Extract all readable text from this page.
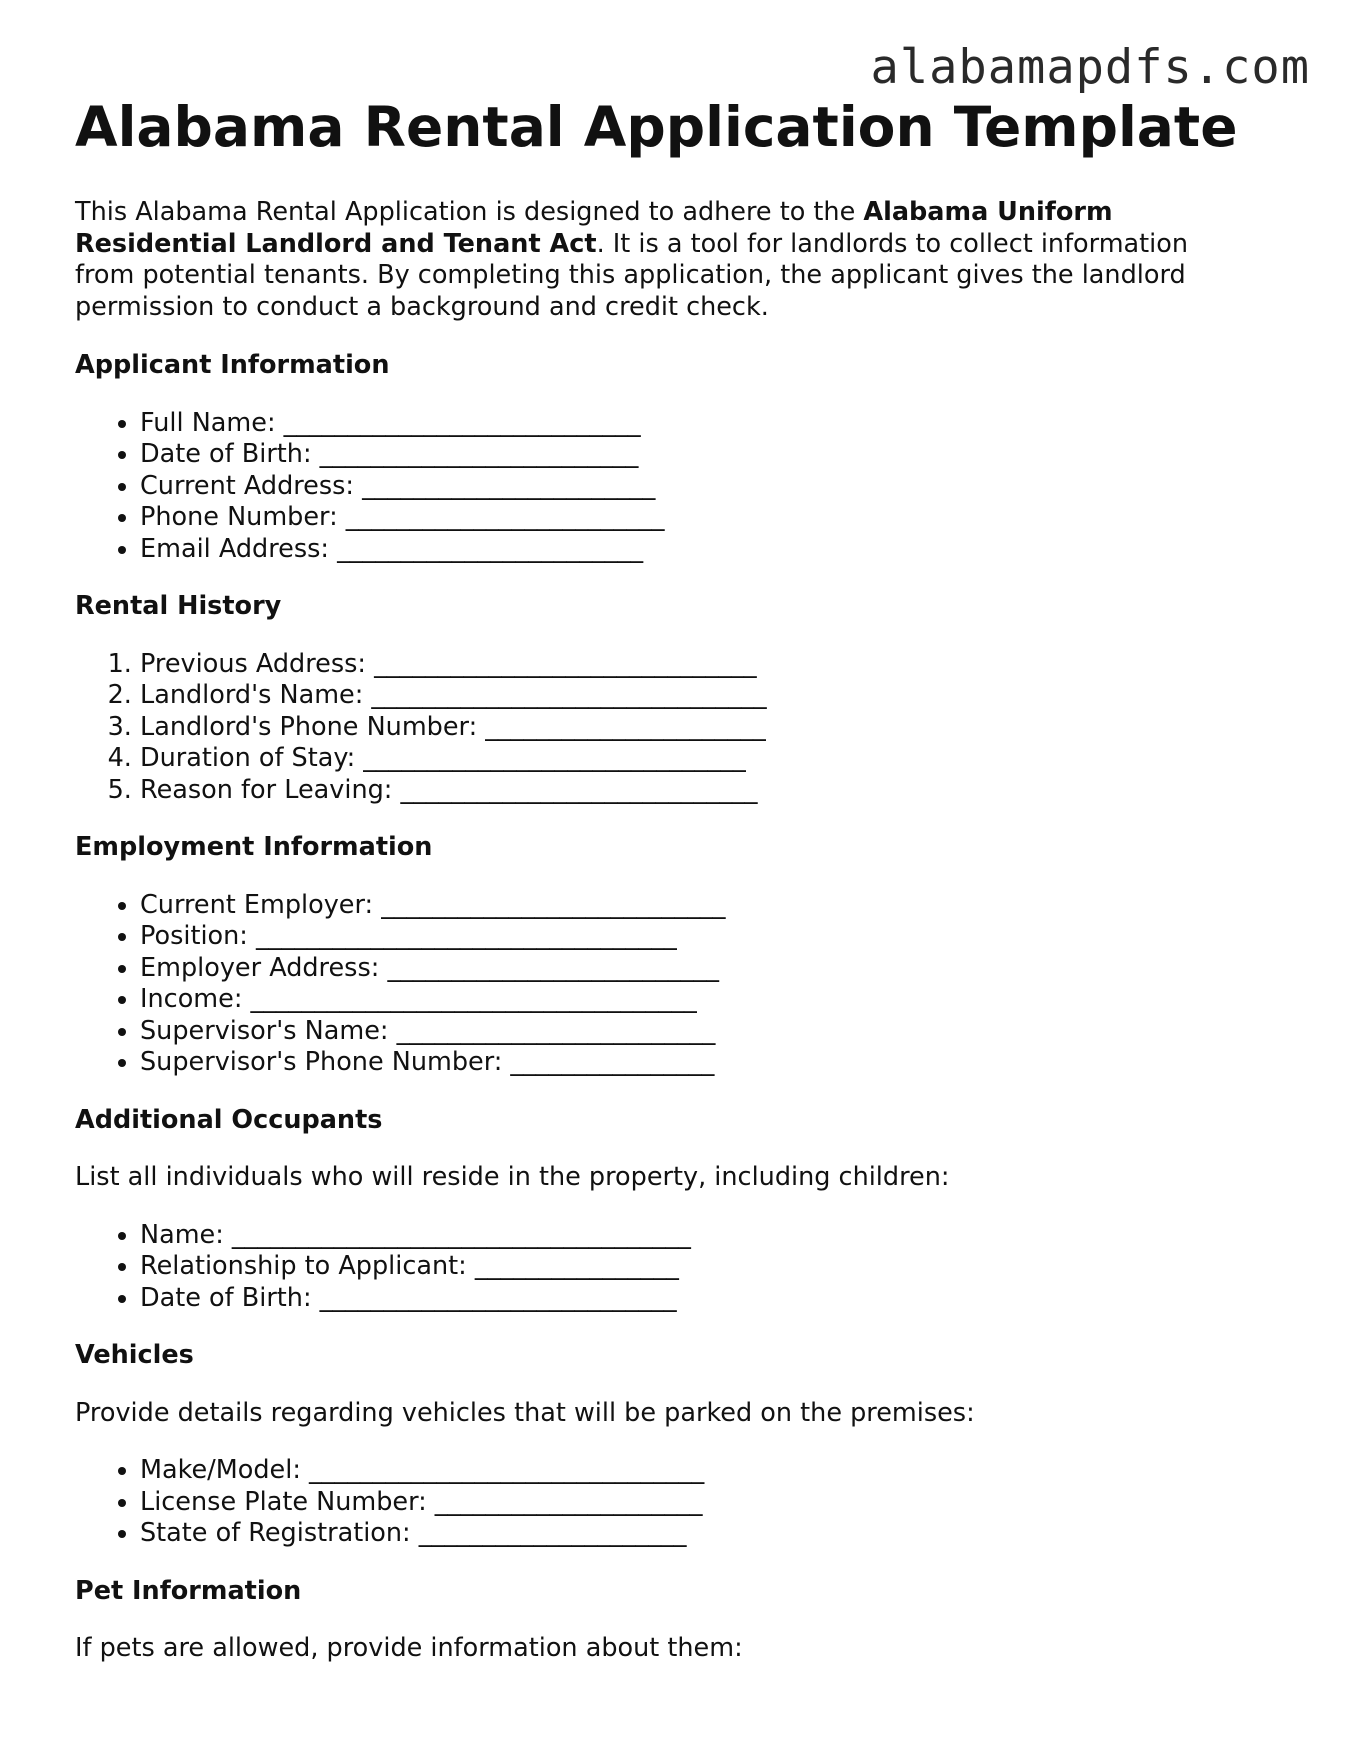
alabamapdfs.com
Alabama Rental Application Template

This Alabama Rental Application is designed to adhere to the Alabama Uniform Residential Landlord and Tenant Act. It is a tool for landlords to collect information from potential tenants. By completing this application, the applicant gives the landlord permission to conduct a background and credit check.

Applicant Information
• Full Name: ____________________________
• Date of Birth: _________________________
• Current Address: _______________________
• Phone Number: _________________________
• Email Address: ________________________
Rental History
1. Previous Address: ______________________________
2. Landlord's Name: _______________________________
3. Landlord's Phone Number: ______________________
4. Duration of Stay: ______________________________
5. Reason for Leaving: ____________________________
Employment Information
• Current Employer: ___________________________
• Position: _________________________________
• Employer Address: __________________________
• Income: ___________________________________
• Supervisor's Name: _________________________
• Supervisor's Phone Number: ________________
Additional Occupants

List all individuals who will reside in the property, including children:

• Name: ____________________________________
• Relationship to Applicant: ________________
• Date of Birth: ____________________________
Vehicles

Provide details regarding vehicles that will be parked on the premises:

• Make/Model: _______________________________
• License Plate Number: _____________________
• State of Registration: _____________________
Pet Information

If pets are allowed, provide information about them:
